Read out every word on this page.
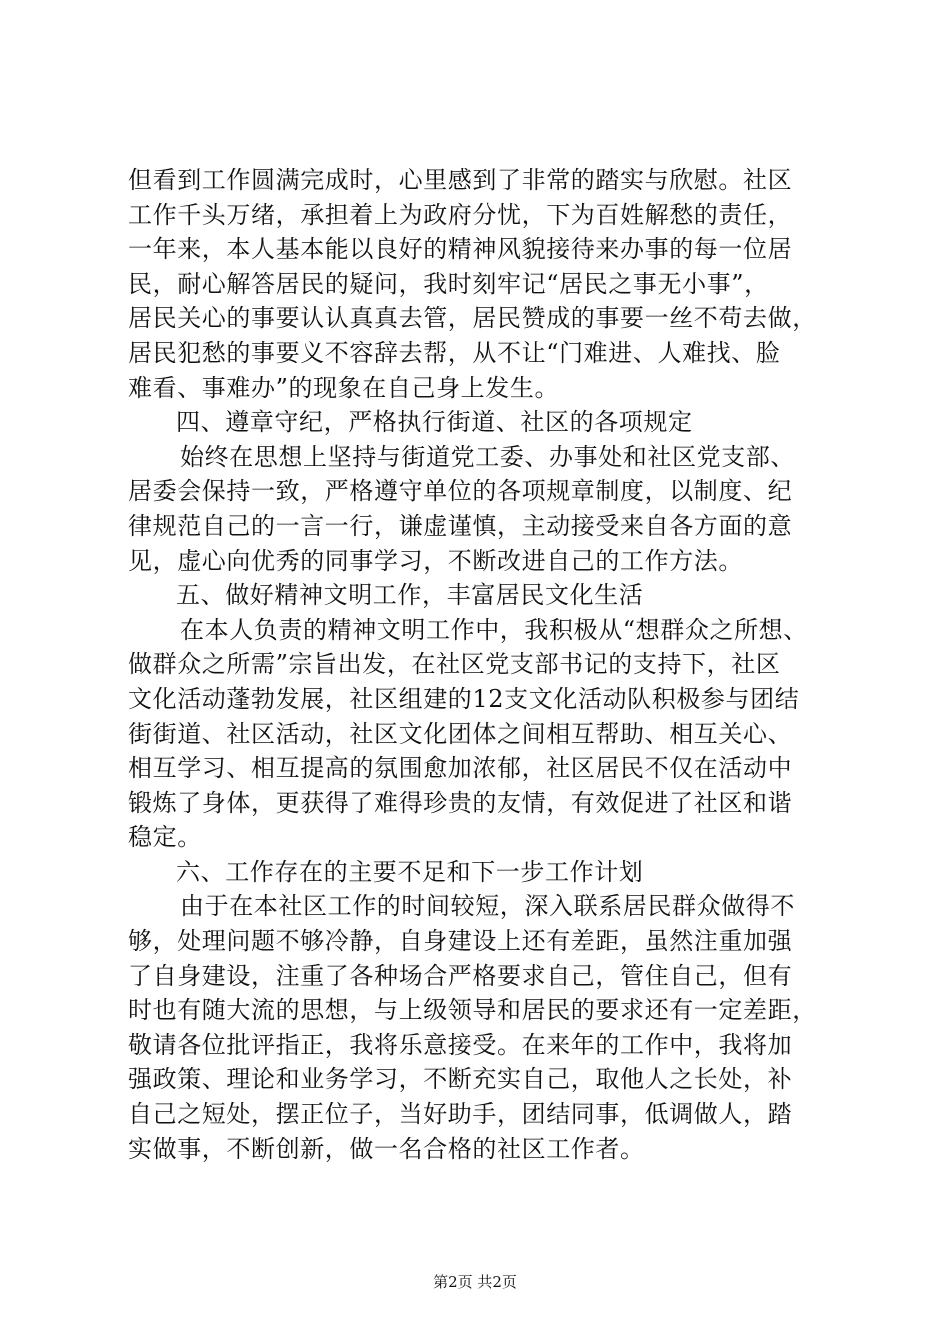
但看到工作圆满完成时，心里感到了非常的踏实与欣慰。社区
工作千头万绪，承担着上为政府分忧，下为百姓解愁的责任，
一年来，本人基本能以良好的精神风貌接待来办事的每一位居
民，耐心解答居民的疑问，我时刻牢记“居民之事无小事”，
居民关心的事要认认真真去管，居民赞成的事要一丝不苟去做，
居民犯愁的事要义不容辞去帮，从不让“门难进、人难找、脸
难看、事难办”的现象在自己身上发生。
四、遵章守纪，严格执行街道、社区的各项规定
始终在思想上坚持与街道党工委、办事处和社区党支部、
居委会保持一致，严格遵守单位的各项规章制度，以制度、纪
律规范自己的一言一行，谦虚谨慎，主动接受来自各方面的意
见，虚心向优秀的同事学习，不断改进自己的工作方法。
五、做好精神文明工作，丰富居民文化生活
在本人负责的精神文明工作中，我积极从“想群众之所想、
做群众之所需”宗旨出发，在社区党支部书记的支持下，社区
文化活动蓬勃发展，社区组建的12支文化活动队积极参与团结
街街道、社区活动，社区文化团体之间相互帮助、相互关心、
相互学习、相互提高的氛围愈加浓郁，社区居民不仅在活动中
锻炼了身体，更获得了难得珍贵的友情，有效促进了社区和谐
稳定。
六、工作存在的主要不足和下一步工作计划
由于在本社区工作的时间较短，深入联系居民群众做得不
够，处理问题不够冷静，自身建设上还有差距，虽然注重加强
了自身建设，注重了各种场合严格要求自己，管住自己，但有
时也有随大流的思想，与上级领导和居民的要求还有一定差距，
敬请各位批评指正，我将乐意接受。在来年的工作中，我将加
强政策、理论和业务学习，不断充实自己，取他人之长处，补
自己之短处，摆正位子，当好助手，团结同事，低调做人，踏
实做事，不断创新，做一名合格的社区工作者。
第2页 共2页
